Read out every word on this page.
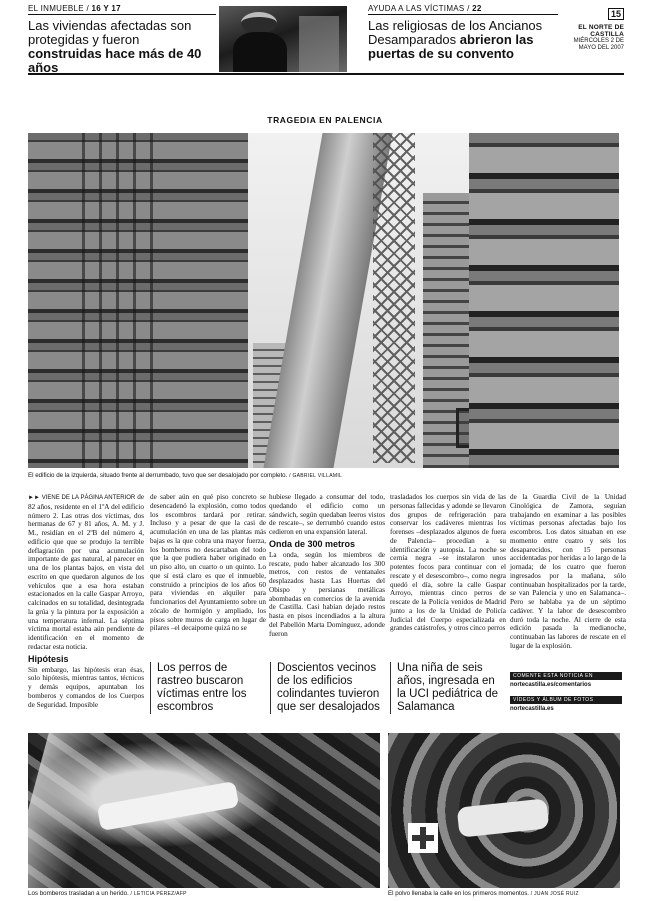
EL INMUEBLE / 16 Y 17
Las viviendas afectadas son protegidas y fueron construidas hace más de 40 años
AYUDA A LAS VÍCTIMAS / 22
Las religiosas de los Ancianos Desamparados abrieron las puertas de su convento
15
EL NORTE DE CASTILLA
MIÉRCOLES 2 DE
MAYO DEL 2007
TRAGEDIA EN PALENCIA
El edificio de la izquierda, situado frente al derrumbado, tuvo que ser desalojado por completo. / GABRIEL VILLAMIL

►► VIENE DE LA PÁGINA ANTERIOR de 82 años, residente en el 1ºA del edificio número 2. Las otras dos víctimas, dos hermanas de 67 y 81 años, A. M. y J. M., residían en el 2ºB del número 4, edificio que que se produjo la terrible deflagración por una acumulación importante de gas natural, al parecer en una de los plantas bajos, en vista del escrito en que quedaron algunos de los vehículos que a esa hora estaban estacionados en la calle Gaspar Arroyo, calcinados en su totalidad, desintegrada la grúa y la pintura por la exposición a una temperatura infernal. La séptima víctima mortal estaba aún pendiente de identificación en el momento de redactar esta noticia.

Hipótesis

Sin embargo, las hipótesis eran ésas, solo hipótesis, mientras tantos, técnicos y demás equipos, apuntaban los bomberos y comandos de los Cuerpos de Seguridad. Imposible

de saber aún en qué piso concreto se desencadenó la explosión, como todos los escombros tardará por retirar. Incluso y a pesar de que la casi de acumulación en una de las plantas más bajas es la que cobra una mayor fuerza, los bomberos no descartaban del todo que la que pudiera haber originado en un piso alto, un cuarto o un quinto. Lo que sí está claro es que el inmueble, construido a principios de los años 60 para viviendas en alquiler para funcionarios del Ayuntamiento sobre un zócalo de hormigón y ampliado, los pisos sobre muros de carga en lugar de pilares –el decaipome quizá no se

hubiese llegado a consumar del todo, quedando el edificio como un sándwich, según quedaban leeros vistos de rescate–, se derrumbó cuando estos cedieron en una expansión lateral.

Onda de 300 metros

La onda, según los miembros de rescate, pudo haber alcanzado los 300 metros, con restos de ventanales desplazados hasta Las Huertas del Obispo y persianas metálicas abombadas en comercios de la avenida de Castilla. Casi habían dejado restos hasta en pisos incendiados a la altura del Pabellón Marta Domínguez, adonde fueron

trasladados los cuerpos sin vida de las personas fallecidas y adonde se llevaron dos grupos de refrigeración para conservar los cadáveres mientras los forenses –desplazados algunos de fuera de Palencia– procedían a su identificación y autopsia. La noche se cernía negra –se instalaron unos potentes focos para continuar con el rescate y el desescombro–, como negra quedó el día, sobre la calle Gaspar Arroyo, mientras cinco perros de rescate de la Policía venidos de Madrid junto a los de la Unidad de Policía Judicial del Cuerpo especializada en grandes catástrofes, y otros cinco perros

de la Guardia Civil de la Unidad Cinológica de Zamora, seguían trabajando en examinar a las posibles víctimas personas afectadas bajo los escombros. Los datos situaban en ese momento entre cuatro y seis los desaparecidos, con 15 personas accidentadas por heridas a lo largo de la jornada; de los cuatro que fueron ingresados por la mañana, sólo continuaban hospitalizados por la tarde, se van Palencia y uno en Salamanca–. Pero se hablaba ya de un séptimo cadáver. Y la labor de desescombro duró toda la noche. Al cierre de esta edición pasada la medianoche, continuaban las labores de rescate en el lugar de la explosión.

Los perros de rastreo buscaron víctimas entre los escombros
Doscientos vecinos de los edificios colindantes tuvieron que ser desalojados
Una niña de seis años, ingresada en la UCI pediátrica de Salamanca
COMENTE ESTA NOTICIA EN
nortecastilla.es/comentarios
VÍDEOS Y ÁLBUM DE FOTOS
nortecastilla.es
Los bomberos trasladan a un herido. / LETICIA PÉREZ/AFP	El polvo llenaba la calle en los primeros momentos. / JUAN JOSÉ RUIZ
